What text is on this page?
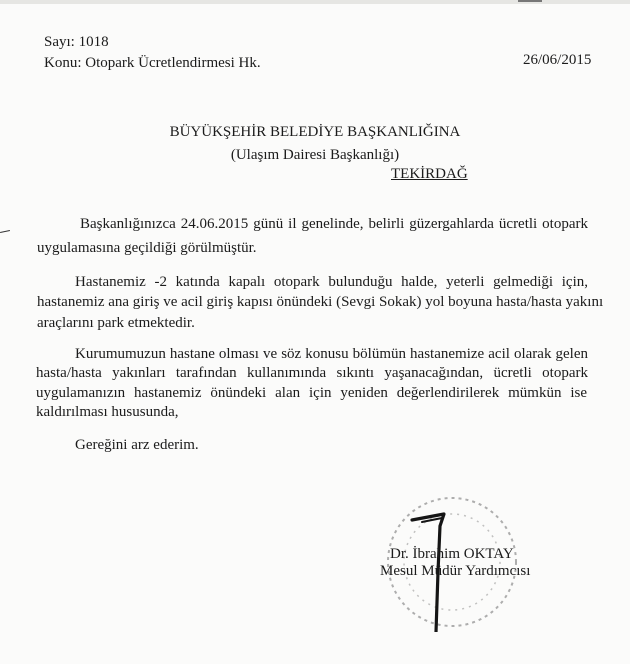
Sayı: 1018
Konu: Otopark Ücretlendirmesi Hk.	26/06/2015
BÜYÜKŞEHİR BELEDİYE BAŞKANLIĞINA
(Ulaşım Dairesi Başkanlığı)
TEKİRDAĞ
Başkanlığınızca 24.06.2015 günü il genelinde, belirli güzergahlarda ücretli otopark
uygulamasına geçildiği görülmüştür.
Hastanemiz -2 katında kapalı otopark bulunduğu halde, yeterli gelmediği için,
hastanemiz ana giriş ve acil giriş kapısı önündeki (Sevgi Sokak) yol boyuna hasta/hasta yakını
araçlarını park etmektedir.
Kurumumuzun hastane olması ve söz konusu bölümün hastanemize acil olarak gelen
hasta/hasta yakınları tarafından kullanımında sıkıntı yaşanacağından, ücretli otopark
uygulamanızın hastanemiz önündeki alan için yeniden değerlendirilerek mümkün ise
kaldırılması hususunda,
Gereğini arz ederim.
Dr. İbrahim OKTAY
Mesul Müdür Yardımcısı
